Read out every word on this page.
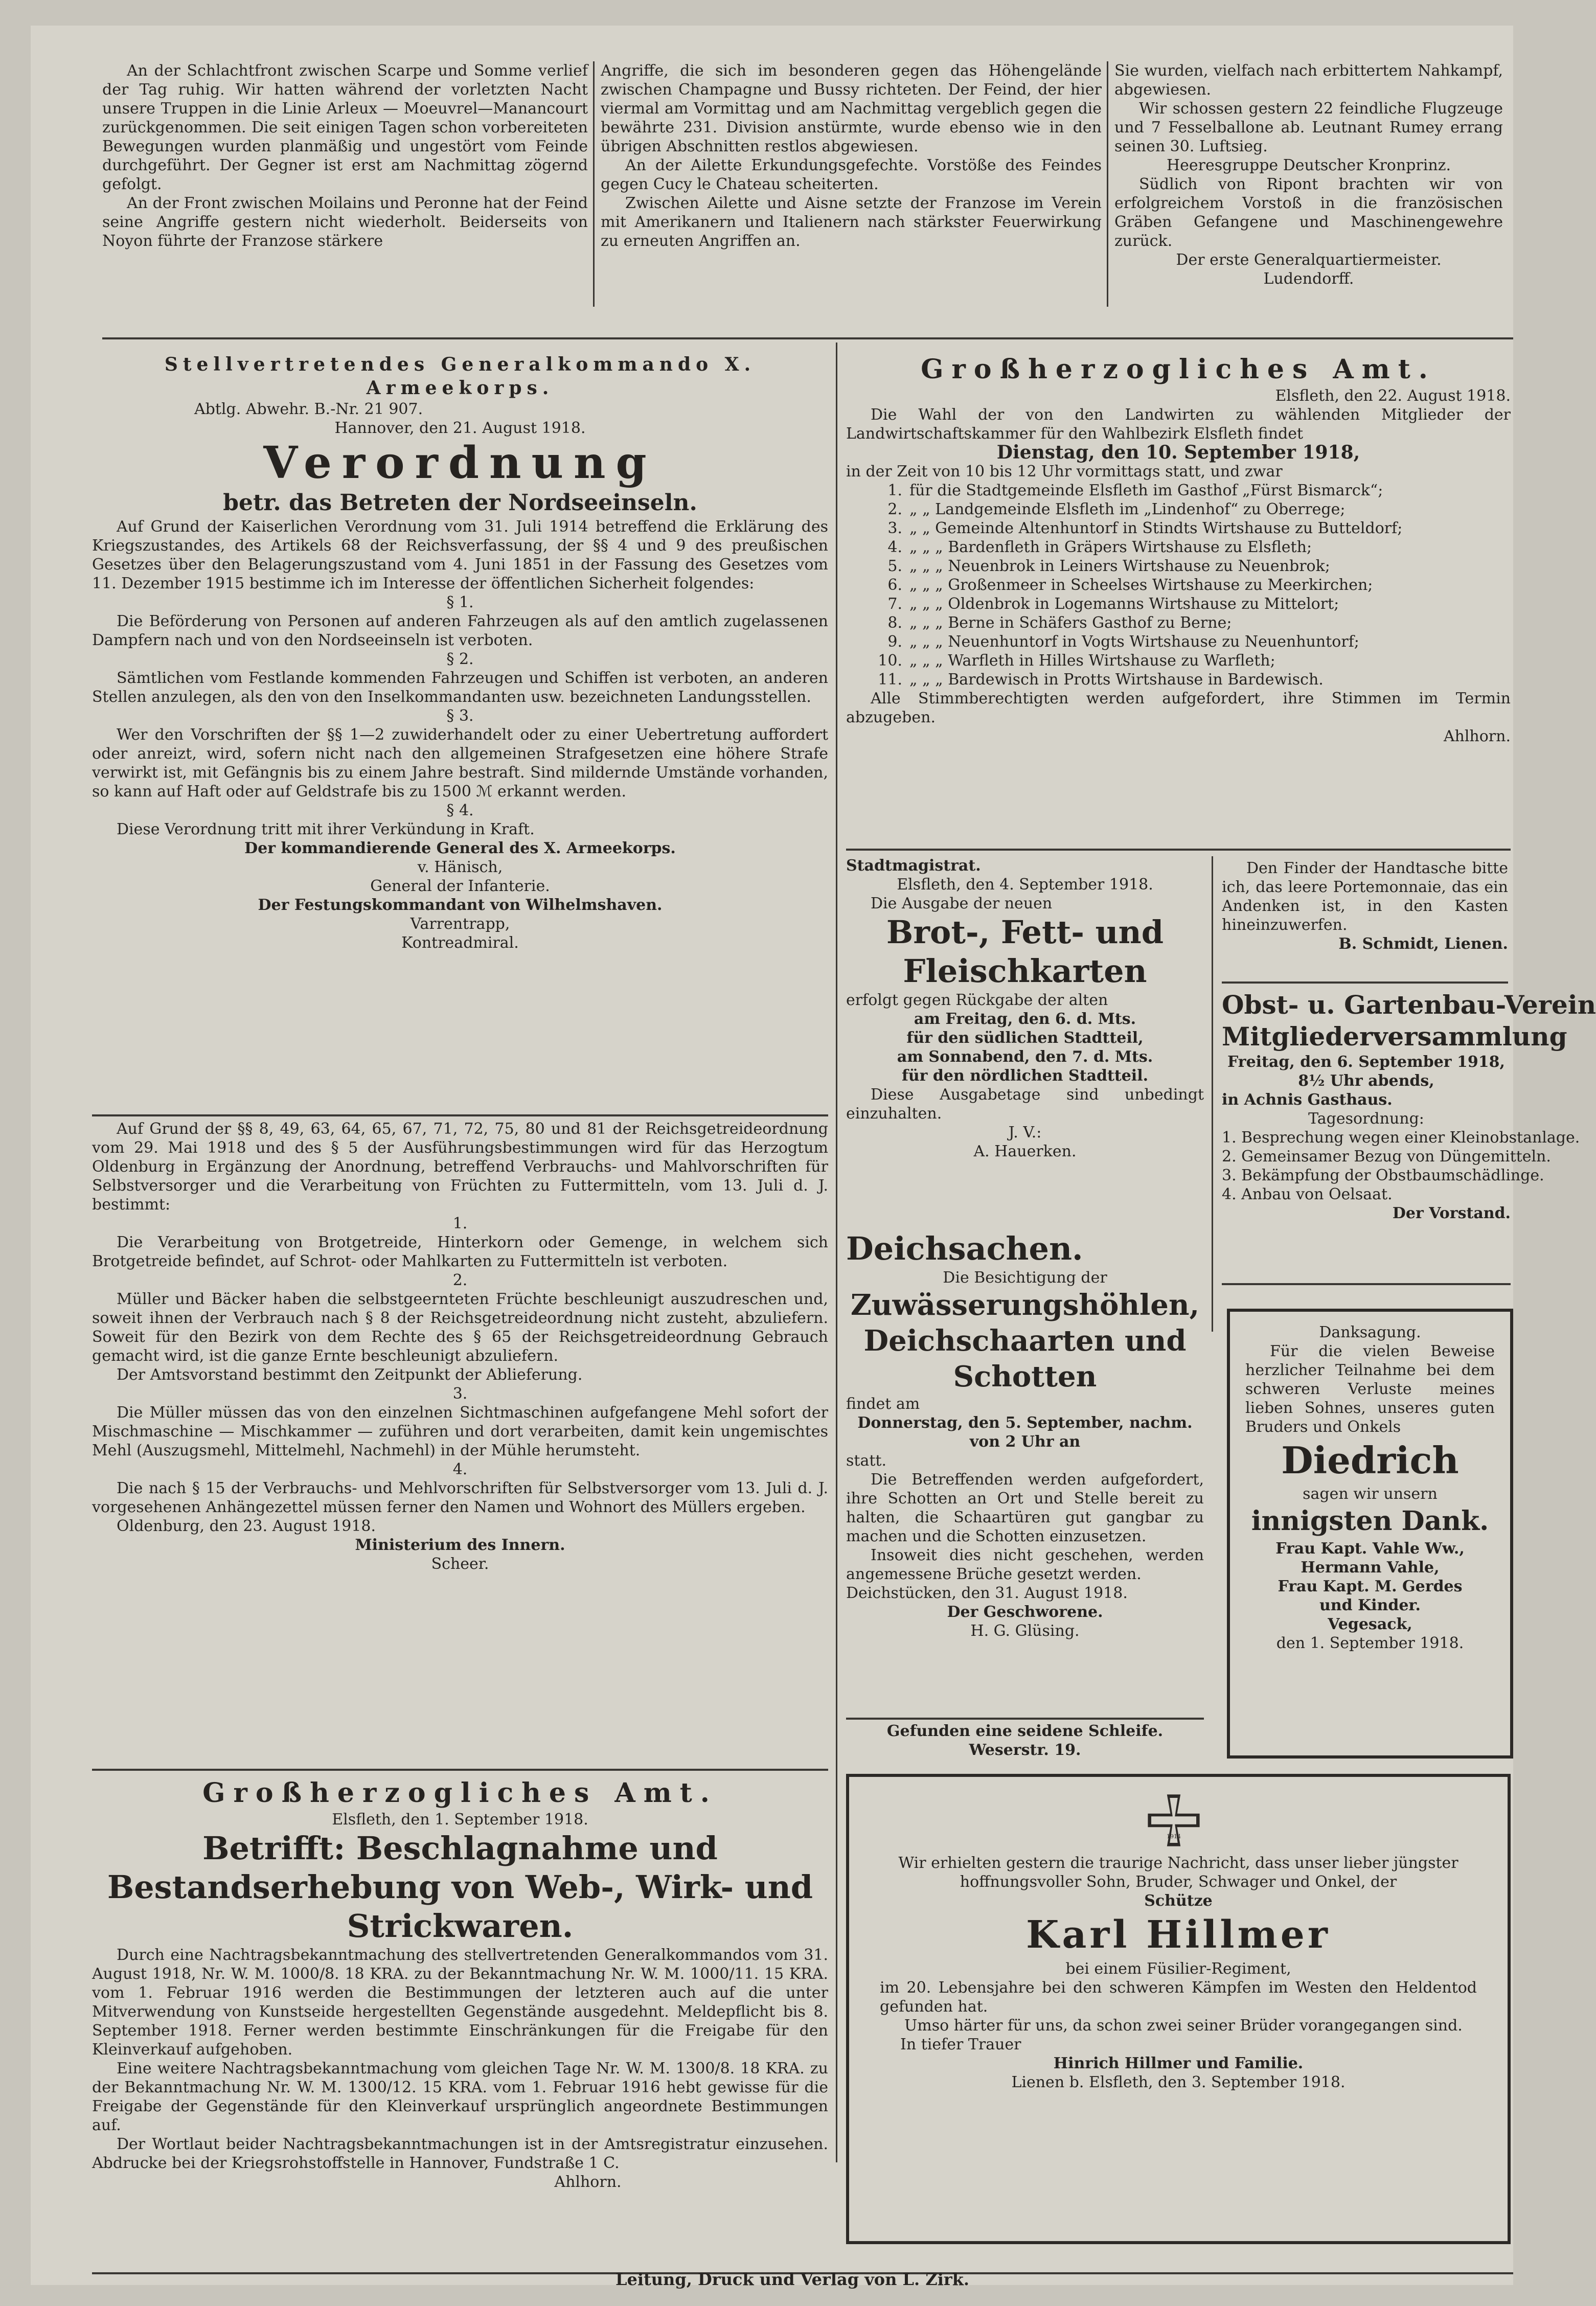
An der Schlachtfront zwischen Scarpe und Somme verlief der Tag ruhig. Wir hatten während der vorletzten Nacht unsere Truppen in die Linie Arleux — Moeuvrel—Manancourt zurückgenommen. Die seit einigen Tagen schon vorbereiteten Bewegungen wurden planmäßig und ungestört vom Feinde durchgeführt. Der Gegner ist erst am Nachmittag zögernd gefolgt.

An der Front zwischen Moilains und Peronne hat der Feind seine Angriffe gestern nicht wiederholt. Beiderseits von Noyon führte der Franzose stärkere

Angriffe, die sich im besonderen gegen das Höhengelände zwischen Champagne und Bussy richteten. Der Feind, der hier viermal am Vormittag und am Nachmittag vergeblich gegen die bewährte 231. Division anstürmte, wurde ebenso wie in den übrigen Abschnitten restlos abgewiesen.

An der Ailette Erkundungsgefechte. Vorstöße des Feindes gegen Cucy le Chateau scheiterten.

Zwischen Ailette und Aisne setzte der Franzose im Verein mit Amerikanern und Italienern nach stärkster Feuerwirkung zu erneuten Angriffen an.

Sie wurden, vielfach nach erbittertem Nahkampf, abgewiesen.

Wir schossen gestern 22 feindliche Flugzeuge und 7 Fesselballone ab. Leutnant Rumey errang seinen 30. Luftsieg.

Heeresgruppe Deutscher Kronprinz.

Südlich von Ripont brachten wir von erfolgreichem Vorstoß in die französischen Gräben Gefangene und Maschinengewehre zurück.

Der erste Generalquartiermeister.

Ludendorff.

Stellvertretendes Generalkommando X. Armeekorps.

Abtlg. Abwehr. B.-Nr. 21 907.

Hannover, den 21. August 1918.

Verordnung

betr. das Betreten der Nordseeinseln.

Auf Grund der Kaiserlichen Verordnung vom 31. Juli 1914 betreffend die Erklärung des Kriegszustandes, des Artikels 68 der Reichsverfassung, der §§ 4 und 9 des preußischen Gesetzes über den Belagerungszustand vom 4. Juni 1851 in der Fassung des Gesetzes vom 11. Dezember 1915 bestimme ich im Interesse der öffentlichen Sicherheit folgendes:

§ 1.

Die Beförderung von Personen auf anderen Fahrzeugen als auf den amtlich zugelassenen Dampfern nach und von den Nordseeinseln ist verboten.

§ 2.

Sämtlichen vom Festlande kommenden Fahrzeugen und Schiffen ist verboten, an anderen Stellen anzulegen, als den von den Inselkommandanten usw. bezeichneten Landungsstellen.

§ 3.

Wer den Vorschriften der §§ 1—2 zuwiderhandelt oder zu einer Uebertretung auffordert oder anreizt, wird, sofern nicht nach den allgemeinen Strafgesetzen eine höhere Strafe verwirkt ist, mit Gefängnis bis zu einem Jahre bestraft. Sind mildernde Umstände vorhanden, so kann auf Haft oder auf Geldstrafe bis zu 1500 ℳ erkannt werden.

§ 4.

Diese Verordnung tritt mit ihrer Verkündung in Kraft.

Der kommandierende General des X. Armeekorps.

v. Hänisch,

General der Infanterie.

Der Festungskommandant von Wilhelmshaven.

Varrentrapp,

Kontreadmiral.

Auf Grund der §§ 8, 49, 63, 64, 65, 67, 71, 72, 75, 80 und 81 der Reichsgetreideordnung vom 29. Mai 1918 und des § 5 der Ausführungsbestimmungen wird für das Herzogtum Oldenburg in Ergänzung der Anordnung, betreffend Verbrauchs- und Mahlvorschriften für Selbstversorger und die Verarbeitung von Früchten zu Futtermitteln, vom 13. Juli d. J. bestimmt:

1.

Die Verarbeitung von Brotgetreide, Hinterkorn oder Gemenge, in welchem sich Brotgetreide befindet, auf Schrot- oder Mahlkarten zu Futtermitteln ist verboten.

2.

Müller und Bäcker haben die selbstgeernteten Früchte beschleunigt auszudreschen und, soweit ihnen der Verbrauch nach § 8 der Reichsgetreideordnung nicht zusteht, abzuliefern. Soweit für den Bezirk von dem Rechte des § 65 der Reichsgetreideordnung Gebrauch gemacht wird, ist die ganze Ernte beschleunigt abzuliefern.

Der Amtsvorstand bestimmt den Zeitpunkt der Ablieferung.

3.

Die Müller müssen das von den einzelnen Sichtmaschinen aufgefangene Mehl sofort der Mischmaschine — Mischkammer — zuführen und dort verarbeiten, damit kein ungemischtes Mehl (Auszugsmehl, Mittelmehl, Nachmehl) in der Mühle herumsteht.

4.

Die nach § 15 der Verbrauchs- und Mehlvorschriften für Selbstversorger vom 13. Juli d. J. vorgesehenen Anhängezettel müssen ferner den Namen und Wohnort des Müllers ergeben.

Oldenburg, den 23. August 1918.

Ministerium des Innern.

Scheer.

Großherzogliches Amt.

Elsfleth, den 1. September 1918.

Betrifft: Beschlagnahme und Bestandserhebung von Web-, Wirk- und Strickwaren.

Durch eine Nachtragsbekanntmachung des stellvertretenden Generalkommandos vom 31. August 1918, Nr. W. M. 1000/8. 18 KRA. zu der Bekanntmachung Nr. W. M. 1000/11. 15 KRA. vom 1. Februar 1916 werden die Bestimmungen der letzteren auch auf die unter Mitverwendung von Kunstseide hergestellten Gegenstände ausgedehnt. Meldepflicht bis 8. September 1918. Ferner werden bestimmte Einschränkungen für die Freigabe für den Kleinverkauf aufgehoben.

Eine weitere Nachtragsbekanntmachung vom gleichen Tage Nr. W. M. 1300/8. 18 KRA. zu der Bekanntmachung Nr. W. M. 1300/12. 15 KRA. vom 1. Februar 1916 hebt gewisse für die Freigabe der Gegenstände für den Kleinverkauf ursprünglich angeordnete Bestimmungen auf.

Der Wortlaut beider Nachtragsbekanntmachungen ist in der Amtsregistratur einzusehen. Abdrucke bei der Kriegsrohstoffstelle in Hannover, Fundstraße 1 C.

Ahlhorn.

Großherzogliches Amt.

Elsfleth, den 22. August 1918.

Die Wahl der von den Landwirten zu wählenden Mitglieder der Landwirtschaftskammer für den Wahlbezirk Elsfleth findet

Dienstag, den 10. September 1918,

in der Zeit von 10 bis 12 Uhr vormittags statt, und zwar

1. für die Stadtgemeinde Elsfleth im Gasthof „Fürst Bismarck“;
2. „ „ Landgemeinde Elsfleth im „Lindenhof“ zu Oberrege;
3. „ „ Gemeinde Altenhuntorf in Stindts Wirtshause zu Butteldorf;
4. „ „ „ Bardenfleth in Gräpers Wirtshause zu Elsfleth;
5. „ „ „ Neuenbrok in Leiners Wirtshause zu Neuenbrok;
6. „ „ „ Großenmeer in Scheelses Wirtshause zu Meerkirchen;
7. „ „ „ Oldenbrok in Logemanns Wirtshause zu Mittelort;
8. „ „ „ Berne in Schäfers Gasthof zu Berne;
9. „ „ „ Neuenhuntorf in Vogts Wirtshause zu Neuenhuntorf;
10. „ „ „ Warfleth in Hilles Wirtshause zu Warfleth;
11. „ „ „ Bardewisch in Protts Wirtshause in Bardewisch.

Alle Stimmberechtigten werden aufgefordert, ihre Stimmen im Termin abzugeben.

Ahlhorn.

Stadtmagistrat.

Elsfleth, den 4. September 1918.

Die Ausgabe der neuen

Brot-, Fett- und Fleischkarten

erfolgt gegen Rückgabe der alten

am Freitag, den 6. d. Mts.

für den südlichen Stadtteil,

am Sonnabend, den 7. d. Mts.

für den nördlichen Stadtteil.

Diese Ausgabetage sind unbedingt einzuhalten.

J. V.:

A. Hauerken.

Den Finder der Handtasche bitte ich, das leere Portemonnaie, das ein Andenken ist, in den Kasten hineinzuwerfen.

B. Schmidt, Lienen.

Obst- u. Gartenbau-Verein

Mitgliederversammlung

Freitag, den 6. September 1918,

8½ Uhr abends,

in Achnis Gasthaus.

Tagesordnung:

1. Besprechung wegen einer Kleinobstanlage.

2. Gemeinsamer Bezug von Düngemitteln.

3. Bekämpfung der Obstbaumschädlinge.

4. Anbau von Oelsaat.

Der Vorstand.

Deichsachen.

Die Besichtigung der

Zuwässerungshöhlen, Deichschaarten und Schotten

findet am

Donnerstag, den 5. September, nachm. von 2 Uhr an

statt.

Die Betreffenden werden aufgefordert, ihre Schotten an Ort und Stelle bereit zu halten, die Schaartüren gut gangbar zu machen und die Schotten einzusetzen.

Insoweit dies nicht geschehen, werden angemessene Brüche gesetzt werden.

Deichstücken, den 31. August 1918.

Der Geschworene.

H. G. Glüsing.

Gefunden eine seidene Schleife. Weserstr. 19.

Danksagung.

Für die vielen Beweise herzlicher Teilnahme bei dem schweren Verluste meines lieben Sohnes, unseres guten Bruders und Onkels

Diedrich

sagen wir unsern

innigsten Dank.

Frau Kapt. Vahle Ww.,

Hermann Vahle,

Frau Kapt. M. Gerdes

und Kinder.

Vegesack,

den 1. September 1918.

1914

Wir erhielten gestern die traurige Nachricht, dass unser lieber jüngster hoffnungsvoller Sohn, Bruder, Schwager und Onkel, der

Schütze

Karl Hillmer

bei einem Füsilier-Regiment,

im 20. Lebensjahre bei den schweren Kämpfen im Westen den Heldentod gefunden hat.

Umso härter für uns, da schon zwei seiner Brüder vorangegangen sind.

In tiefer Trauer

Hinrich Hillmer und Familie.

Lienen b. Elsfleth, den 3. September 1918.

Leitung, Druck und Verlag von L. Zirk.
